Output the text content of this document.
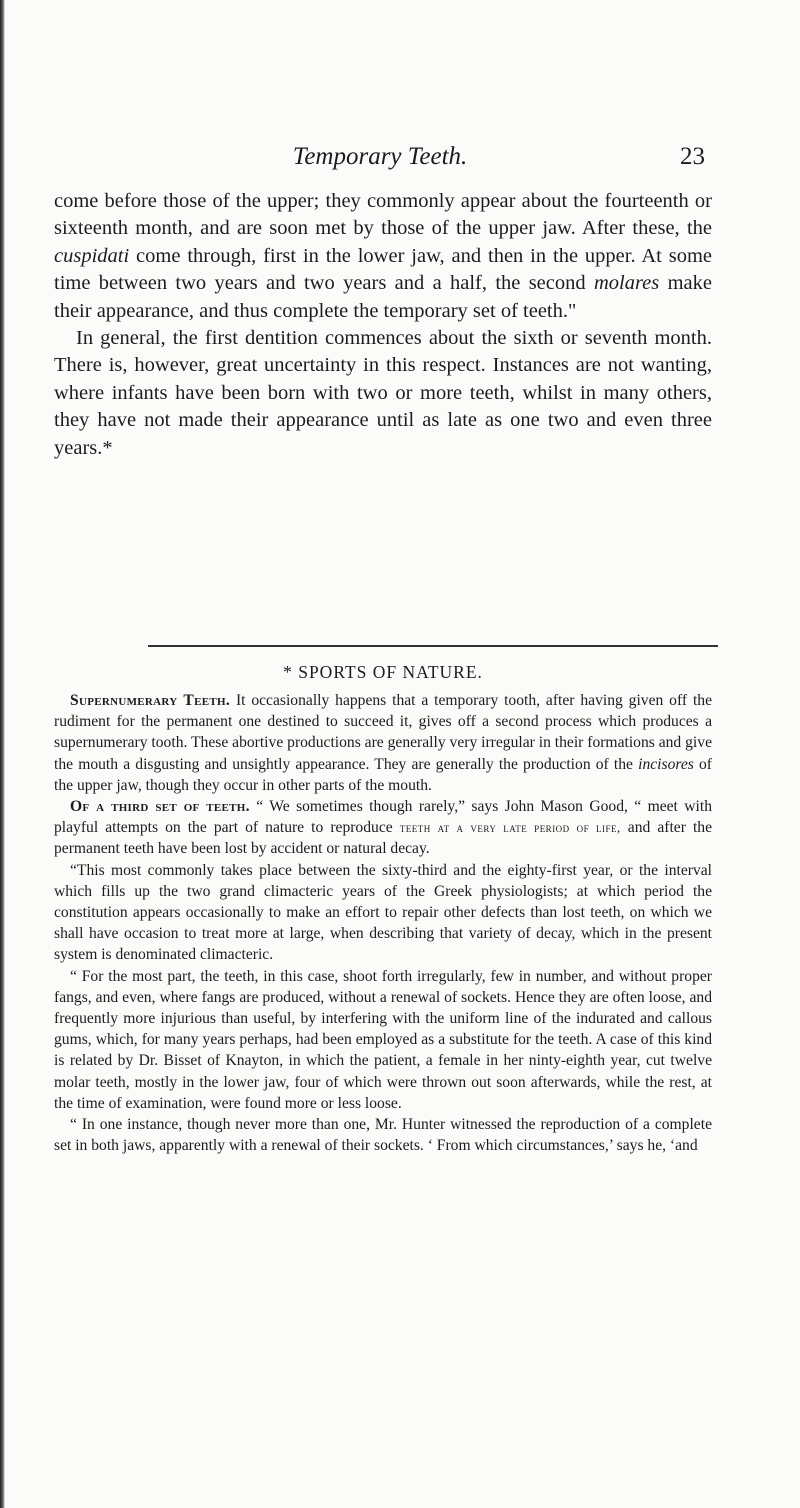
Temporary Teeth.	23

come before those of the upper; they commonly appear about the fourteenth or sixteenth month, and are soon met by those of the upper jaw. After these, the cuspidati come through, first in the lower jaw, and then in the upper. At some time between two years and two years and a half, the second molares make their appearance, and thus complete the temporary set of teeth."

In general, the first dentition commences about the sixth or seventh month. There is, however, great uncertainty in this respect. Instances are not wanting, where infants have been born with two or more teeth, whilst in many others, they have not made their appearance until as late as one two and even three years.*

* SPORTS OF NATURE.

Supernumerary Teeth. It occasionally happens that a temporary tooth, after having given off the rudiment for the permanent one destined to succeed it, gives off a second process which produces a supernumerary tooth. These abortive productions are generally very irregular in their formations and give the mouth a disgusting and unsightly appearance. They are generally the production of the incisores of the upper jaw, though they occur in other parts of the mouth.

Of a third set of teeth. “ We sometimes though rarely,” says John Mason Good, “ meet with playful attempts on the part of nature to reproduce teeth at a very late period of life, and after the permanent teeth have been lost by accident or natural decay.

“This most commonly takes place between the sixty-third and the eighty-first year, or the interval which fills up the two grand climacteric years of the Greek physiologists; at which period the constitution appears occasionally to make an effort to repair other defects than lost teeth, on which we shall have occasion to treat more at large, when describing that variety of decay, which in the present system is denominated climacteric.

“ For the most part, the teeth, in this case, shoot forth irregularly, few in number, and without proper fangs, and even, where fangs are produced, without a renewal of sockets. Hence they are often loose, and frequently more injurious than useful, by interfering with the uniform line of the indurated and callous gums, which, for many years perhaps, had been employed as a substitute for the teeth. A case of this kind is related by Dr. Bisset of Knayton, in which the patient, a female in her ninty-eighth year, cut twelve molar teeth, mostly in the lower jaw, four of which were thrown out soon afterwards, while the rest, at the time of examination, were found more or less loose.

“ In one instance, though never more than one, Mr. Hunter witnessed the reproduction of a complete set in both jaws, apparently with a renewal of their sockets. ‘ From which circumstances,’ says he, ‘and
